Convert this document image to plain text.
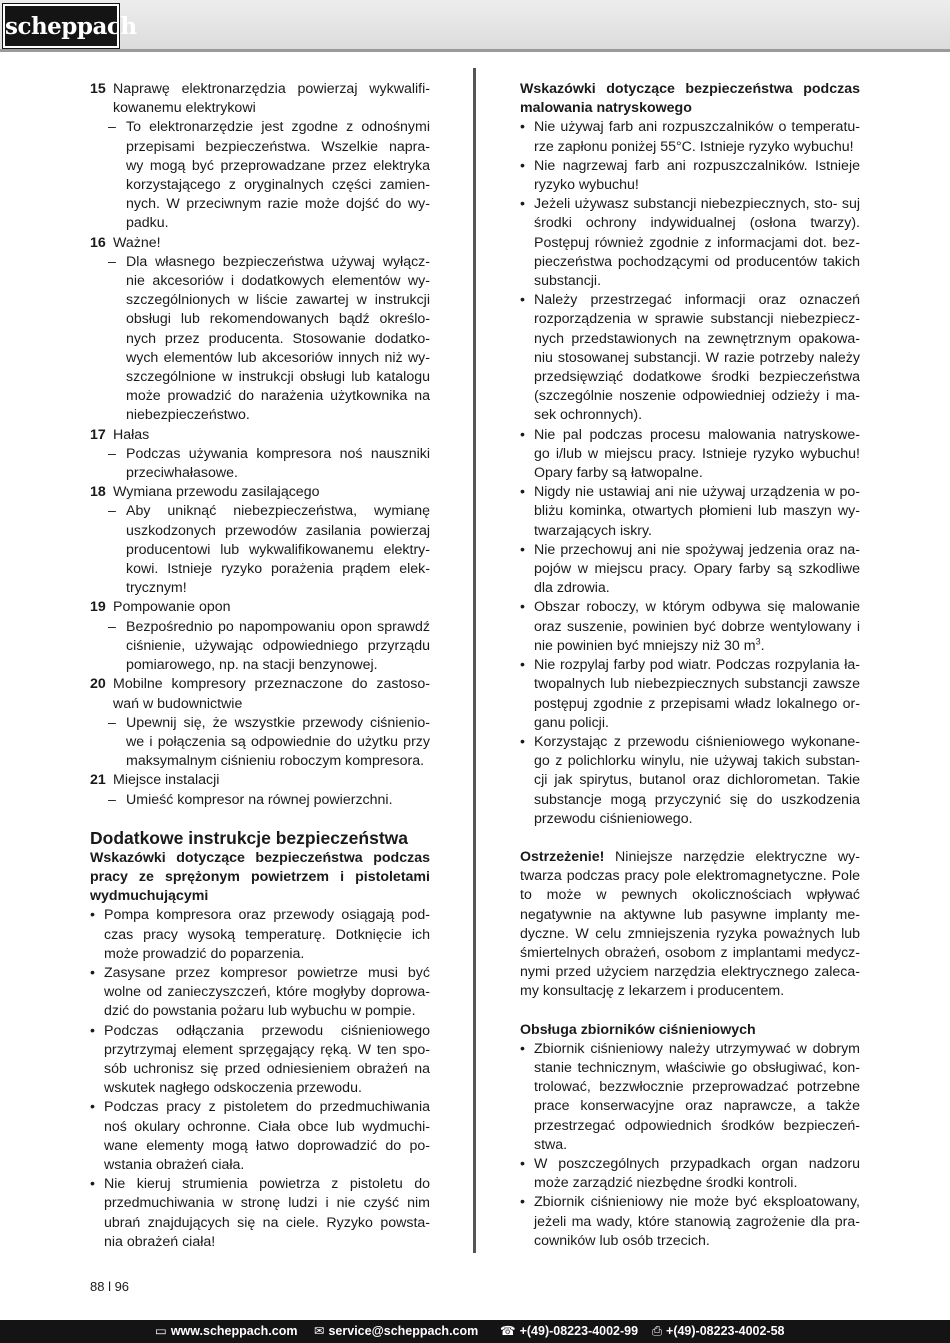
scheppach
15 Naprawę elektronarzędzia powierzaj wykwalifi- kowanemu elektrykowi
– To elektronarzędzie jest zgodne z odnośnymi przepisami bezpieczeństwa. Wszelkie napra- wy mogą być przeprowadzane przez elektryka korzystającego z oryginalnych części zamien- nych. W przeciwnym razie może dojść do wy- padku.
16 Ważne!
– Dla własnego bezpieczeństwa używaj wyłącz- nie akcesoriów i dodatkowych elementów wy- szczególnionych w liście zawartej w instrukcji obsługi lub rekomendowanych bądź określo- nych przez producenta. Stosowanie dodatko- wych elementów lub akcesoriów innych niż wy- szczególnione w instrukcji obsługi lub katalogu może prowadzić do narażenia użytkownika na niebezpieczeństwo.
17 Hałas
– Podczas używania kompresora noś nauszniki przeciwhałasowe.
18 Wymiana przewodu zasilającego
– Aby uniknąć niebezpieczeństwa, wymianę uszkodzonych przewodów zasilania powierzaj producentowi lub wykwalifikowanemu elektry- kowi. Istnieje ryzyko porażenia prądem elek- trycznym!
19 Pompowanie opon
– Bezpośrednio po napompowaniu opon sprawdź ciśnienie, używając odpowiedniego przyrządu pomiarowego, np. na stacji benzynowej.
20 Mobilne kompresory przeznaczone do zastoso- wań w budownictwie
– Upewnij się, że wszystkie przewody ciśnienio- we i połączenia są odpowiednie do użytku przy maksymalnym ciśnieniu roboczym kompresora.
21 Miejsce instalacji
– Umieść kompresor na równej powierzchni.
Dodatkowe instrukcje bezpieczeństwa
Wskazówki dotyczące bezpieczeństwa podczas pracy ze sprężonym powietrzem i pistoletami wydmuchującymi
• Pompa kompresora oraz przewody osiągają pod- czas pracy wysoką temperaturę. Dotknięcie ich może prowadzić do poparzenia.
• Zasysane przez kompresor powietrze musi być wolne od zanieczyszczeń, które mogłyby doprowa- dzić do powstania pożaru lub wybuchu w pompie.
• Podczas odłączania przewodu ciśnieniowego przytrzymaj element sprzęgający ręką. W ten spo- sób uchronisz się przed odniesieniem obrażeń na wskutek nagłego odskoczenia przewodu.
• Podczas pracy z pistoletem do przedmuchiwania noś okulary ochronne. Ciała obce lub wydmuchi- wane elementy mogą łatwo doprowadzić do po- wstania obrażeń ciała.
• Nie kieruj strumienia powietrza z pistoletu do przedmuchiwania w stronę ludzi i nie czyść nim ubrań znajdujących się na ciele. Ryzyko powsta- nia obrażeń ciała!
Wskazówki dotyczące bezpieczeństwa podczas malowania natryskowego
• Nie używaj farb ani rozpuszczalników o temperatu- rze zapłonu poniżej 55°C. Istnieje ryzyko wybuchu!
• Nie nagrzewaj farb ani rozpuszczalników. Istnieje ryzyko wybuchu!
• Jeżeli używasz substancji niebezpiecznych, sto- suj środki ochrony indywidualnej (osłona twarzy). Postępuj również zgodnie z informacjami dot. bez- pieczeństwa pochodzącymi od producentów takich substancji.
• Należy przestrzegać informacji oraz oznaczeń rozporządzenia w sprawie substancji niebezpiecz- nych przedstawionych na zewnętrznym opakowa- niu stosowanej substancji. W razie potrzeby należy przedsięwziąć dodatkowe środki bezpieczeństwa (szczególnie noszenie odpowiedniej odzieży i ma- sek ochronnych).
• Nie pal podczas procesu malowania natryskowe- go i/lub w miejscu pracy. Istnieje ryzyko wybuchu! Opary farby są łatwopalne.
• Nigdy nie ustawiaj ani nie używaj urządzenia w po- bliżu kominka, otwartych płomieni lub maszyn wy- twarzających iskry.
• Nie przechowuj ani nie spożywaj jedzenia oraz na- pojów w miejscu pracy. Opary farby są szkodliwe dla zdrowia.
• Obszar roboczy, w którym odbywa się malowanie oraz suszenie, powinien być dobrze wentylowany i nie powinien być mniejszy niż 30 $m^3$.
• Nie rozpylaj farby pod wiatr. Podczas rozpylania ła- twopalnych lub niebezpiecznych substancji zawsze postępuj zgodnie z przepisami władz lokalnego or- ganu policji.
• Korzystając z przewodu ciśnieniowego wykonane- go z polichlorku winylu, nie używaj takich substan- cji jak spirytus, butanol oraz dichlorometan. Takie substancje mogą przyczynić się do uszkodzenia przewodu ciśnieniowego.
Ostrzeżenie! Niniejsze narzędzie elektryczne wy- twarza podczas pracy pole elektromagnetyczne. Pole to może w pewnych okolicznościach wpływać negatywnie na aktywne lub pasywne implanty me- dyczne. W celu zmniejszenia ryzyka poważnych lub śmiertelnych obrażeń, osobom z implantami medycz- nymi przed użyciem narzędzia elektrycznego zaleca- my konsultację z lekarzem i producentem.
Obsługa zbiorników ciśnieniowych
• Zbiornik ciśnieniowy należy utrzymywać w dobrym stanie technicznym, właściwie go obsługiwać, kon- trolować, bezzwłocznie przeprowadzać potrzebne prace konserwacyjne oraz naprawcze, a także przestrzegać odpowiednich środków bezpieczeń- stwa.
• W poszczególnych przypadkach organ nadzoru może zarządzić niezbędne środki kontroli.
• Zbiornik ciśnieniowy nie może być eksploatowany, jeżeli ma wady, które stanowią zagrożenie dla pra- cowników lub osób trzecich.
88 l 96
▭ www.scheppach.com ✉ service@scheppach.com ☎ +(49)-08223-4002-99 ⎙ +(49)-08223-4002-58
